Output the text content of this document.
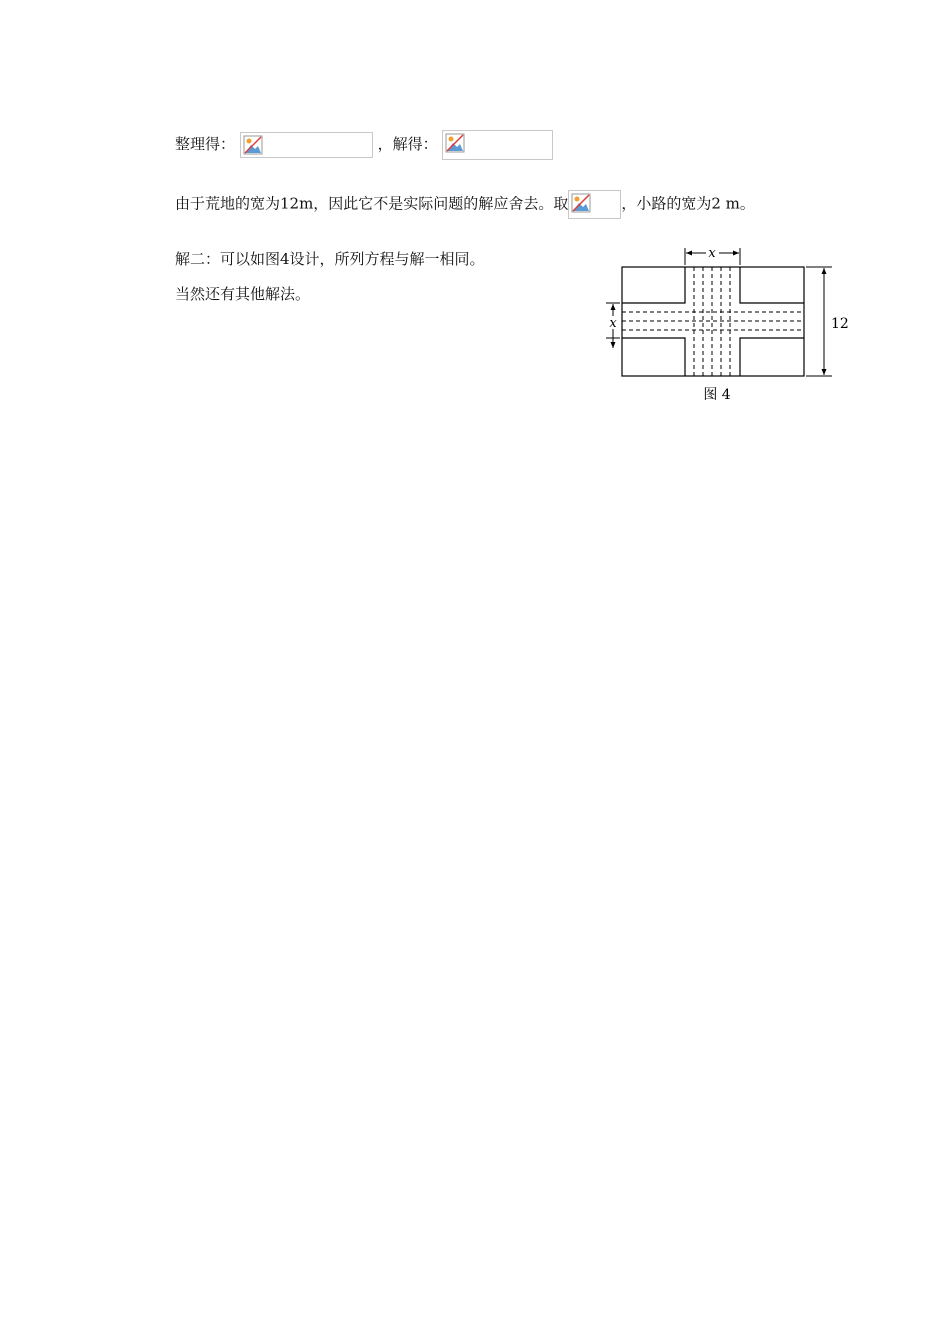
整理得：	，解得：
由于荒地的宽为12m，因此它不是实际问题的解应舍去。取	，小路的宽为2 m。
解二：可以如图4设计，所列方程与解一相同。
当然还有其他解法。
x
x	12
图 4
